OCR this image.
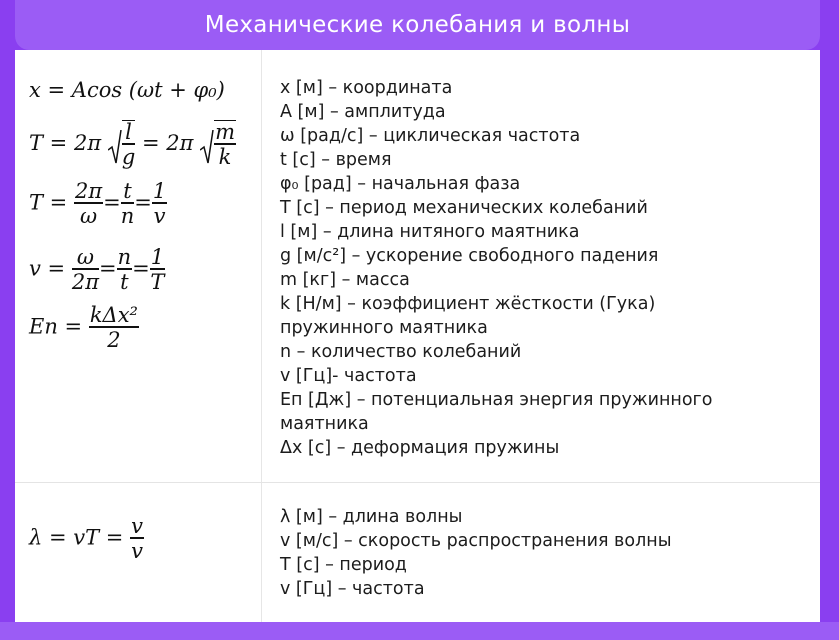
Механические колебания и волны
x = Acos (ωt + φ₀)
$T = 2\pi \frac{l}{g} = 2\pi \frac{m}{k}$
$T = \frac{2\pi}{\omega} = \frac{t}{n} = \frac{1}{v}$
$v = \frac{\omega}{2\pi} = \frac{n}{t} = \frac{1}{T}$
Eп = $\frac{\text{kΔx²}}{2}$
x [м] – координата
A [м] – амплитуда
ω [рад/с] – циклическая частота
t [с] – время
φ₀ [рад] – начальная фаза
T [с] – период механических колебаний
l [м] – длина нитяного маятника
g [м/с²] – ускорение свободного падения
m [кг] – масса
k [Н/м] – коэффициент жёсткости (Гука)
пружинного маятника
n – количество колебаний
v [Гц]- частота
Eп [Дж] – потенциальная энергия пружинного
маятника
Δx [с] – деформация пружины
λ = vT = $\frac{v}{v}$	λ [м] – длина волны
v [м/с] – скорость распространения волны
T [с] – период
v [Гц] – частота
